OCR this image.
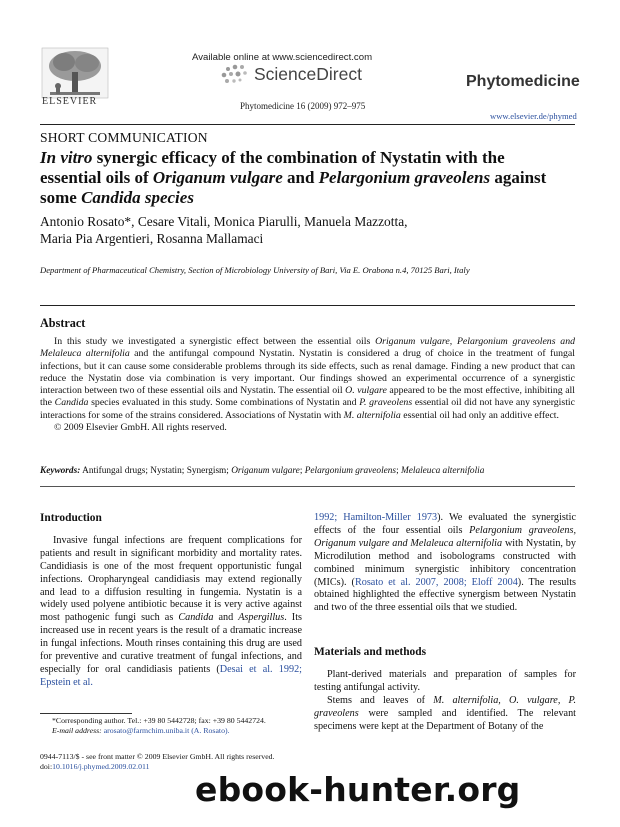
ELSEVIER
Available online at www.sciencedirect.com
ScienceDirect	Phytomedicine
Phytomedicine 16 (2009) 972–975
www.elsevier.de/phymed
SHORT COMMUNICATION
In vitro synergic efficacy of the combination of Nystatin with the essential oils of Origanum vulgare and Pelargonium graveolens against some Candida species
Antonio Rosato*, Cesare Vitali, Monica Piarulli, Manuela Mazzotta,
Maria Pia Argentieri, Rosanna Mallamaci
Department of Pharmaceutical Chemistry, Section of Microbiology University of Bari, Via E. Orabona n.4, 70125 Bari, Italy
Abstract

In this study we investigated a synergistic effect between the essential oils Origanum vulgare, Pelargonium graveolens and Melaleuca alternifolia and the antifungal compound Nystatin. Nystatin is considered a drug of choice in the treatment of fungal infections, but it can cause some considerable problems through its side effects, such as renal damage. Finding a new product that can reduce the Nystatin dose via combination is very important. Our findings showed an experimental occurrence of a synergistic interaction between two of these essential oils and Nystatin. The essential oil O. vulgare appeared to be the most effective, inhibiting all the Candida species evaluated in this study. Some combinations of Nystatin and P. graveolens essential oil did not have any synergistic interactions for some of the strains considered. Associations of Nystatin with M. alternifolia essential oil had only an additive effect.

© 2009 Elsevier GmbH. All rights reserved.

Keywords: Antifungal drugs; Nystatin; Synergism; Origanum vulgare; Pelargonium graveolens; Melaleuca alternifolia
Introduction

Invasive fungal infections are frequent complications for patients and result in significant morbidity and mortality rates. Candidiasis is one of the most frequent opportunistic fungal infections. Oropharyngeal candidiasis may extend regionally and lead to a diffusion resulting in fungemia. Nystatin is a widely used polyene antibiotic because it is very active against most pathogenic fungi such as Candida and Aspergillus. Its increased use in recent years is the result of a dramatic increase in fungal infections. Mouth rinses containing this drug are used for preventive and curative treatment of fungal infections, and especially for oral candidiasis patients (Desai et al. 1992; Epstein et al.

1992; Hamilton-Miller 1973). We evaluated the synergistic effects of the four essential oils Pelargonium graveolens, Origanum vulgare and Melaleuca alternifolia with Nystatin, by Microdilution method and isobolograms constructed with combined minimum synergistic inhibitory concentration (MICs). (Rosato et al. 2007, 2008; Eloff 2004). The results obtained highlighted the effective synergism between Nystatin and two of the three essential oils that we studied.

Materials and methods

Plant-derived materials and preparation of samples for testing antifungal activity.

Stems and leaves of M. alternifolia, O. vulgare, P. graveolens were sampled and identified. The relevant specimens were kept at the Department of Botany of the

*Corresponding author. Tel.: +39 80 5442728; fax: +39 80 5442724.
E-mail address: arosato@farmchim.uniba.it (A. Rosato).
0944-7113/$ - see front matter © 2009 Elsevier GmbH. All rights reserved.
doi:10.1016/j.phymed.2009.02.011
ebook-hunter.org
